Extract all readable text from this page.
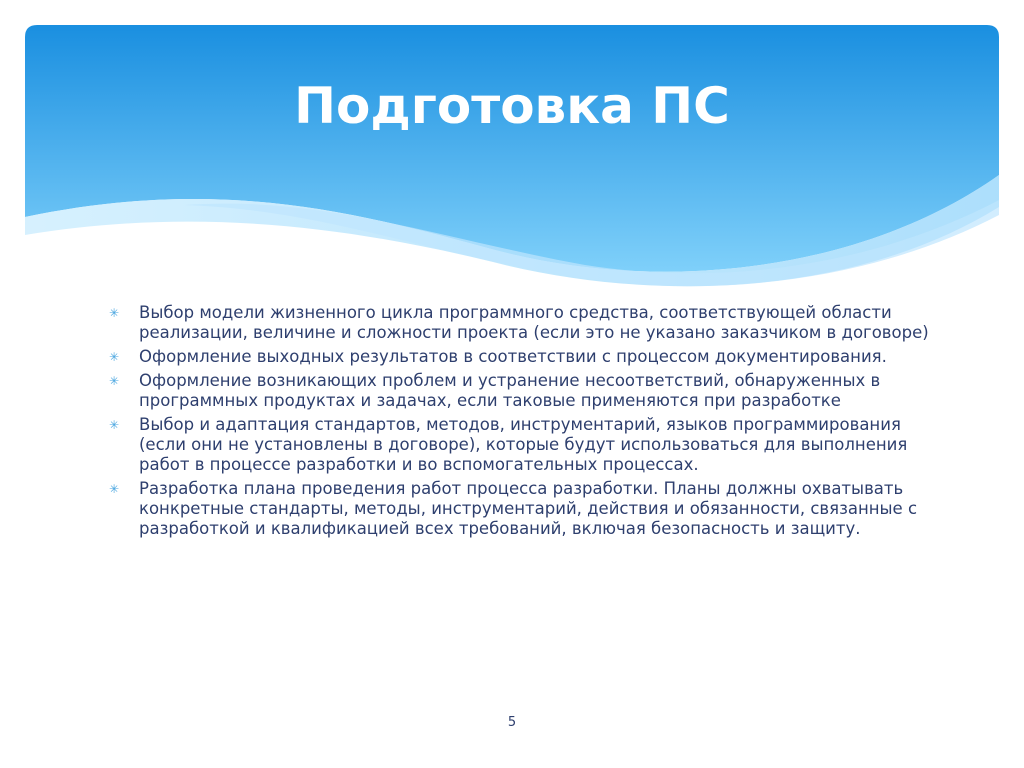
Подготовка ПС
✳ Выбор модели жизненного цикла программного средства, соответствующей области реализации, величине и сложности проекта (если это не указано заказчиком в договоре)
✳ Оформление выходных результатов в соответствии с процессом документирования.
✳ Оформление возникающих проблем и устранение несоответствий, обнаруженных в программных продуктах и задачах, если таковые применяются при разработке
✳ Выбор и адаптация стандартов, методов, инструментарий, языков программирования (если они не установлены в договоре), которые будут использоваться для выполнения работ в процессе разработки и во вспомогательных процессах.
✳ Разработка плана проведения работ процесса разработки. Планы должны охватывать конкретные стандарты, методы, инструментарий, действия и обязанности, связанные с разработкой и квалификацией всех требований, включая безопасность и защиту.
5
